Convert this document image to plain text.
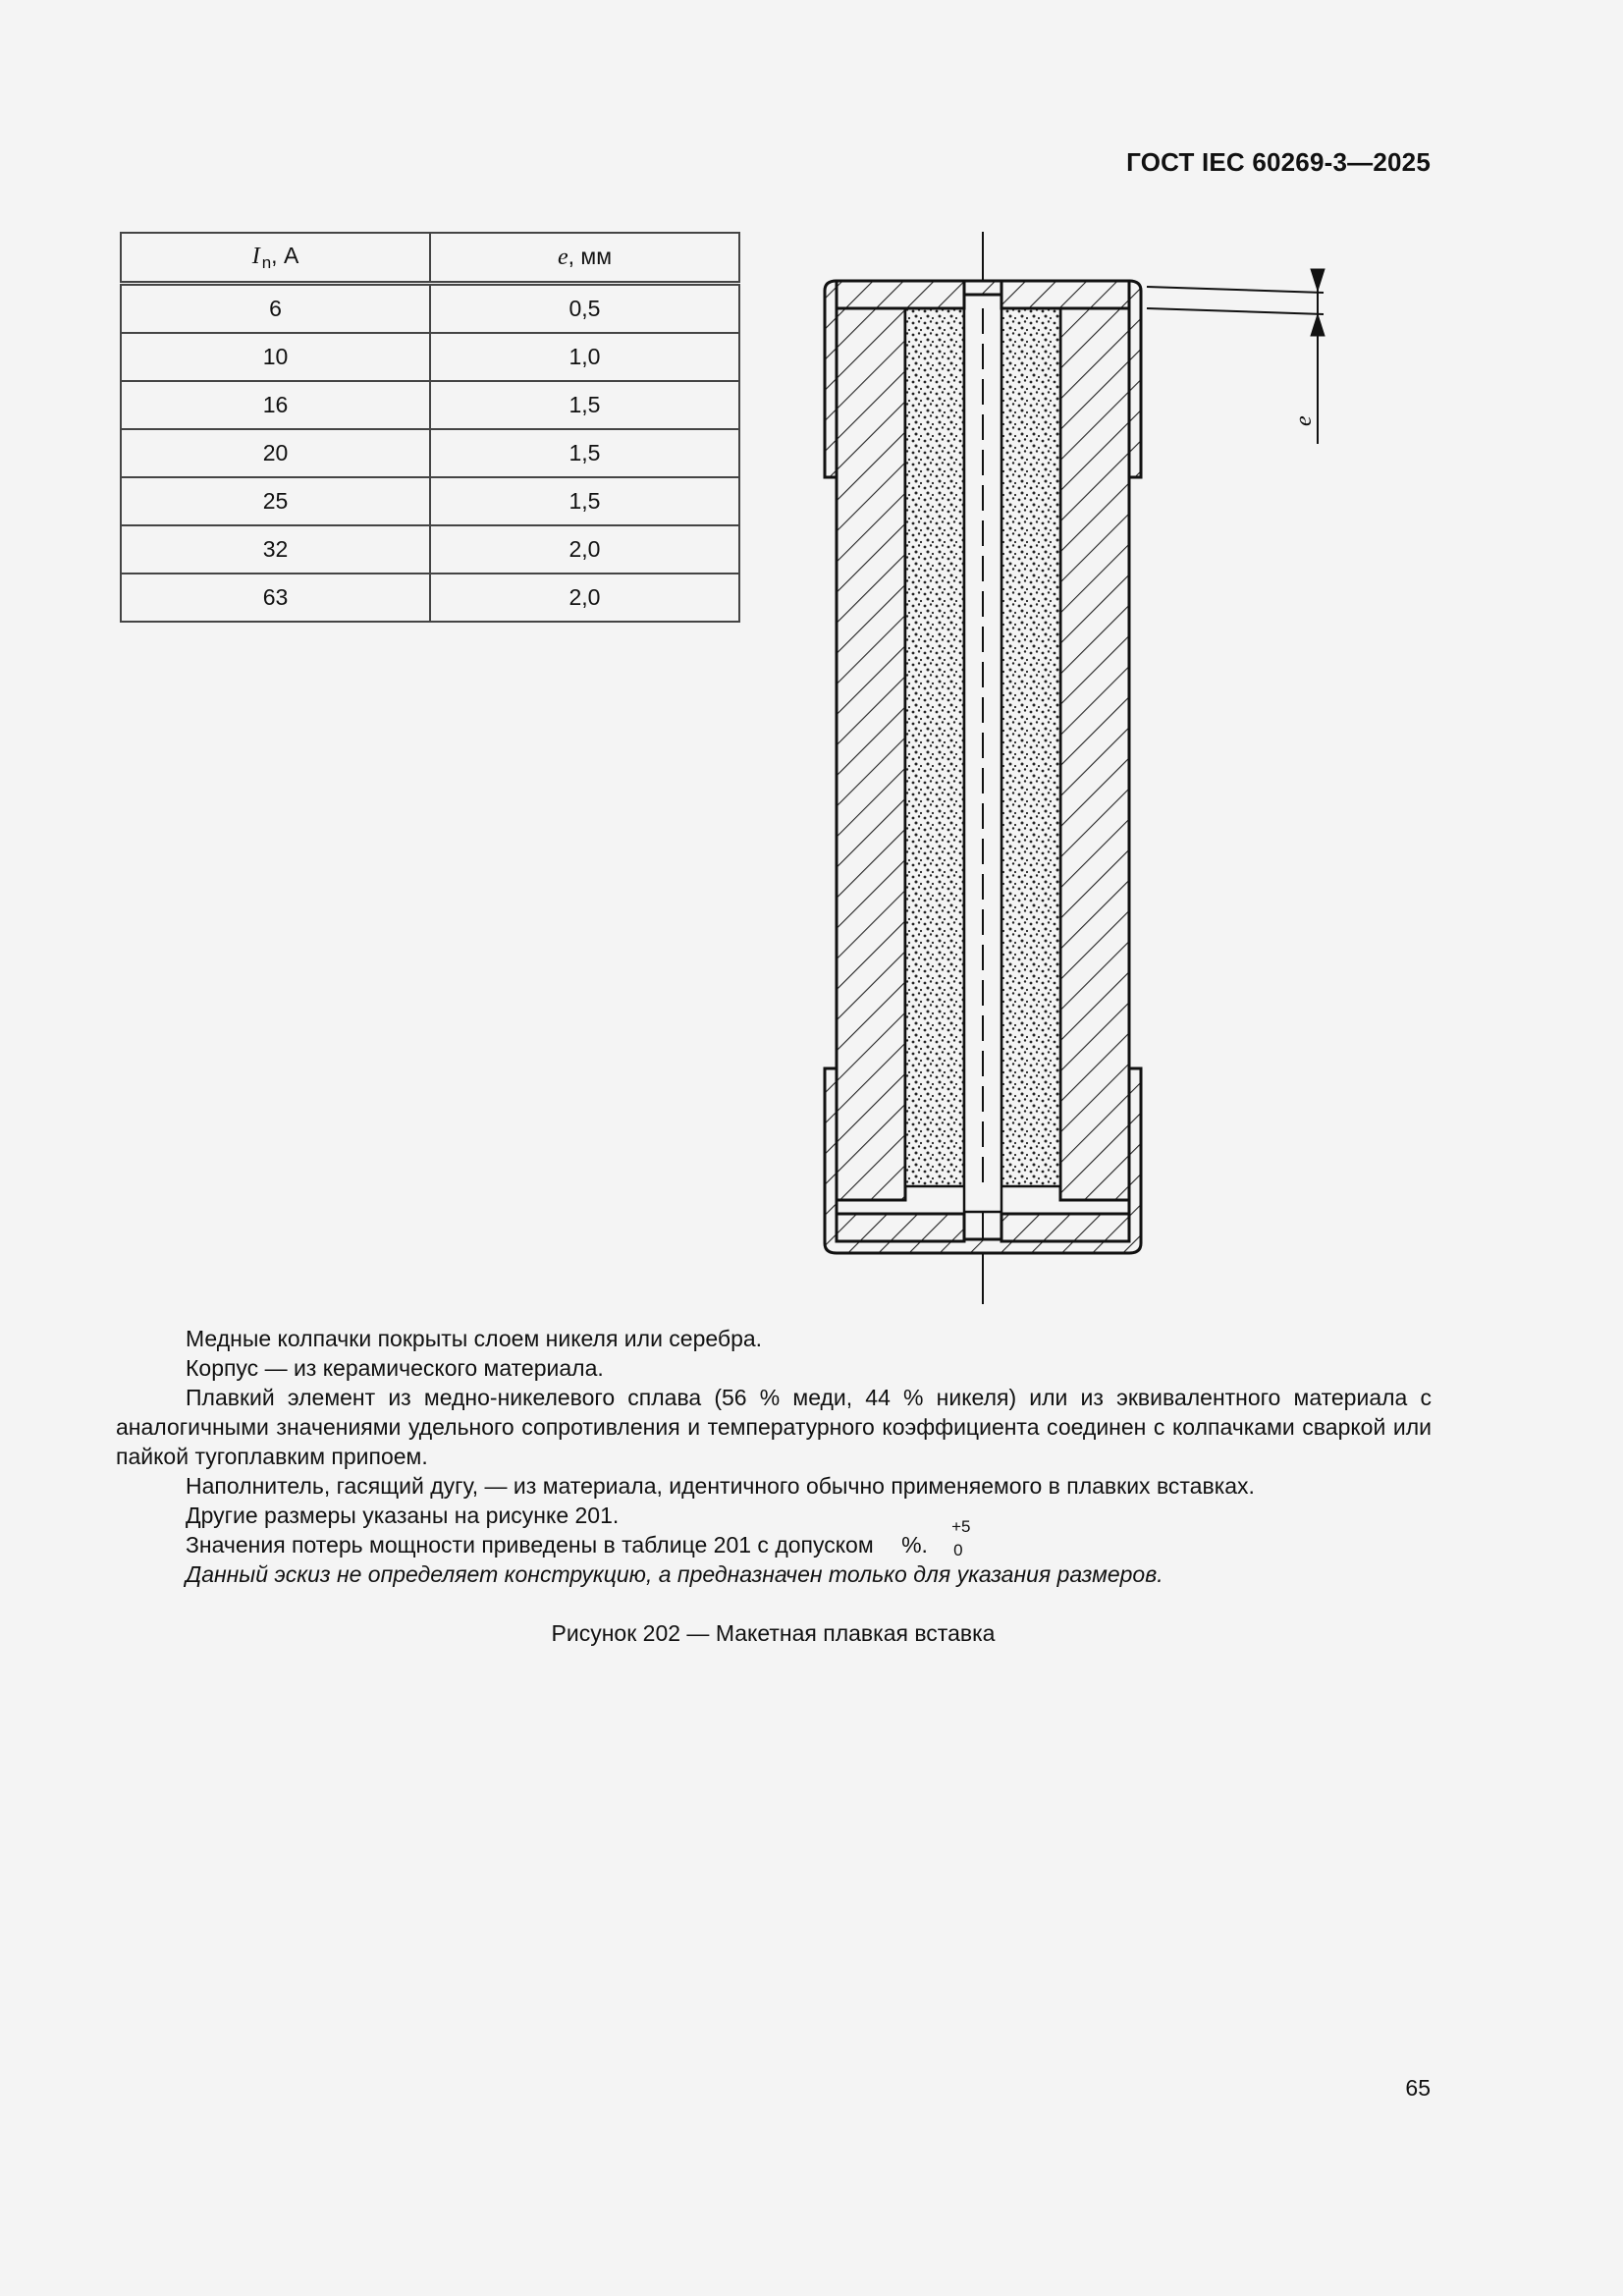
ГОСТ IEC 60269-3—2025
I $_n$, А	e, мм
6	0,5
10	1,0
16	1,5
20	1,5
25	1,5
32	2,0
63	2,0
e

Медные колпачки покрыты слоем никеля или серебра.

Корпус — из керамического материала.

Плавкий элемент из медно-никелевого сплава (56 % меди, 44 % никеля) или из эквивалентного материала с аналогичными значениями удельного сопротивления и температурного коэффициента соединен с колпачками сваркой или пайкой тугоплавким припоем.

Наполнитель, гасящий дугу, — из материала, идентичного обычно применяемого в плавких вставках.

Другие размеры указаны на рисунке 201.

Значения потерь мощности приведены в таблице 201 с допуском
+5
0
%.

Данный эскиз не определяет конструкцию, а предназначен только для указания размеров.

Рисунок 202 — Макетная плавкая вставка
65
